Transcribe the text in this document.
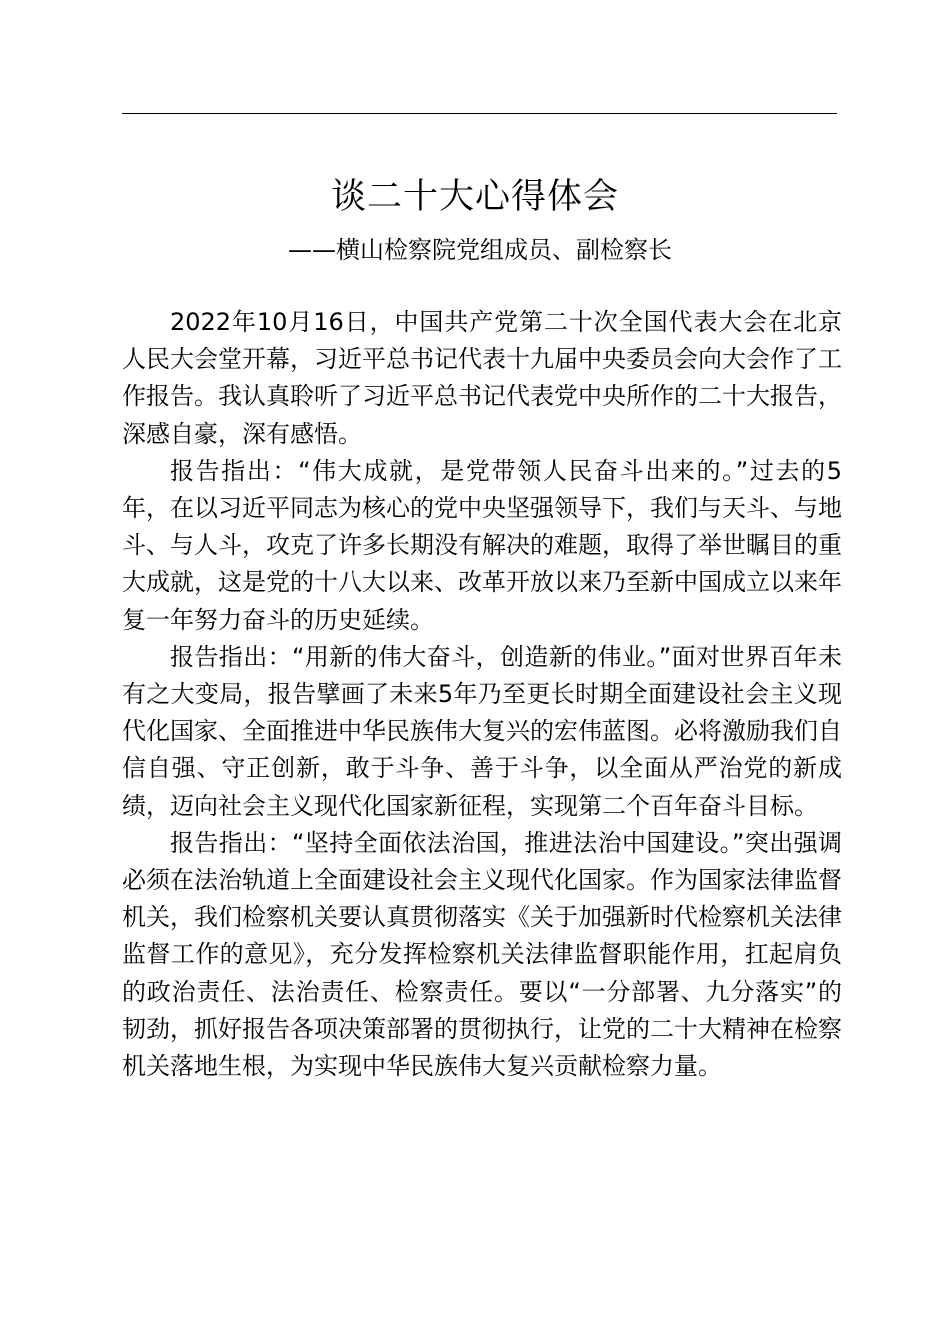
谈二十大心得体会
——横山检察院党组成员、副检察长

2022年10月16日，中国共产党第二十次全国代表大会在北京人民大会堂开幕，习近平总书记代表十九届中央委员会向大会作了工作报告。我认真聆听了习近平总书记代表党中央所作的二十大报告，深感自豪，深有感悟。

报告指出：“伟大成就，是党带领人民奋斗出来的。”过去的5年，在以习近平同志为核心的党中央坚强领导下，我们与天斗、与地斗、与人斗，攻克了许多长期没有解决的难题，取得了举世瞩目的重大成就，这是党的十八大以来、改革开放以来乃至新中国成立以来年复一年努力奋斗的历史延续。

报告指出：“用新的伟大奋斗，创造新的伟业。”面对世界百年未有之大变局，报告擘画了未来5年乃至更长时期全面建设社会主义现代化国家、全面推进中华民族伟大复兴的宏伟蓝图。必将激励我们自信自强、守正创新，敢于斗争、善于斗争，以全面从严治党的新成绩，迈向社会主义现代化国家新征程，实现第二个百年奋斗目标。

报告指出：“坚持全面依法治国，推进法治中国建设。”突出强调必须在法治轨道上全面建设社会主义现代化国家。作为国家法律监督机关，我们检察机关要认真贯彻落实《关于加强新时代检察机关法律监督工作的意见》，充分发挥检察机关法律监督职能作用，扛起肩负的政治责任、法治责任、检察责任。要以“一分部署、九分落实”的韧劲，抓好报告各项决策部署的贯彻执行，让党的二十大精神在检察机关落地生根，为实现中华民族伟大复兴贡献检察力量。
